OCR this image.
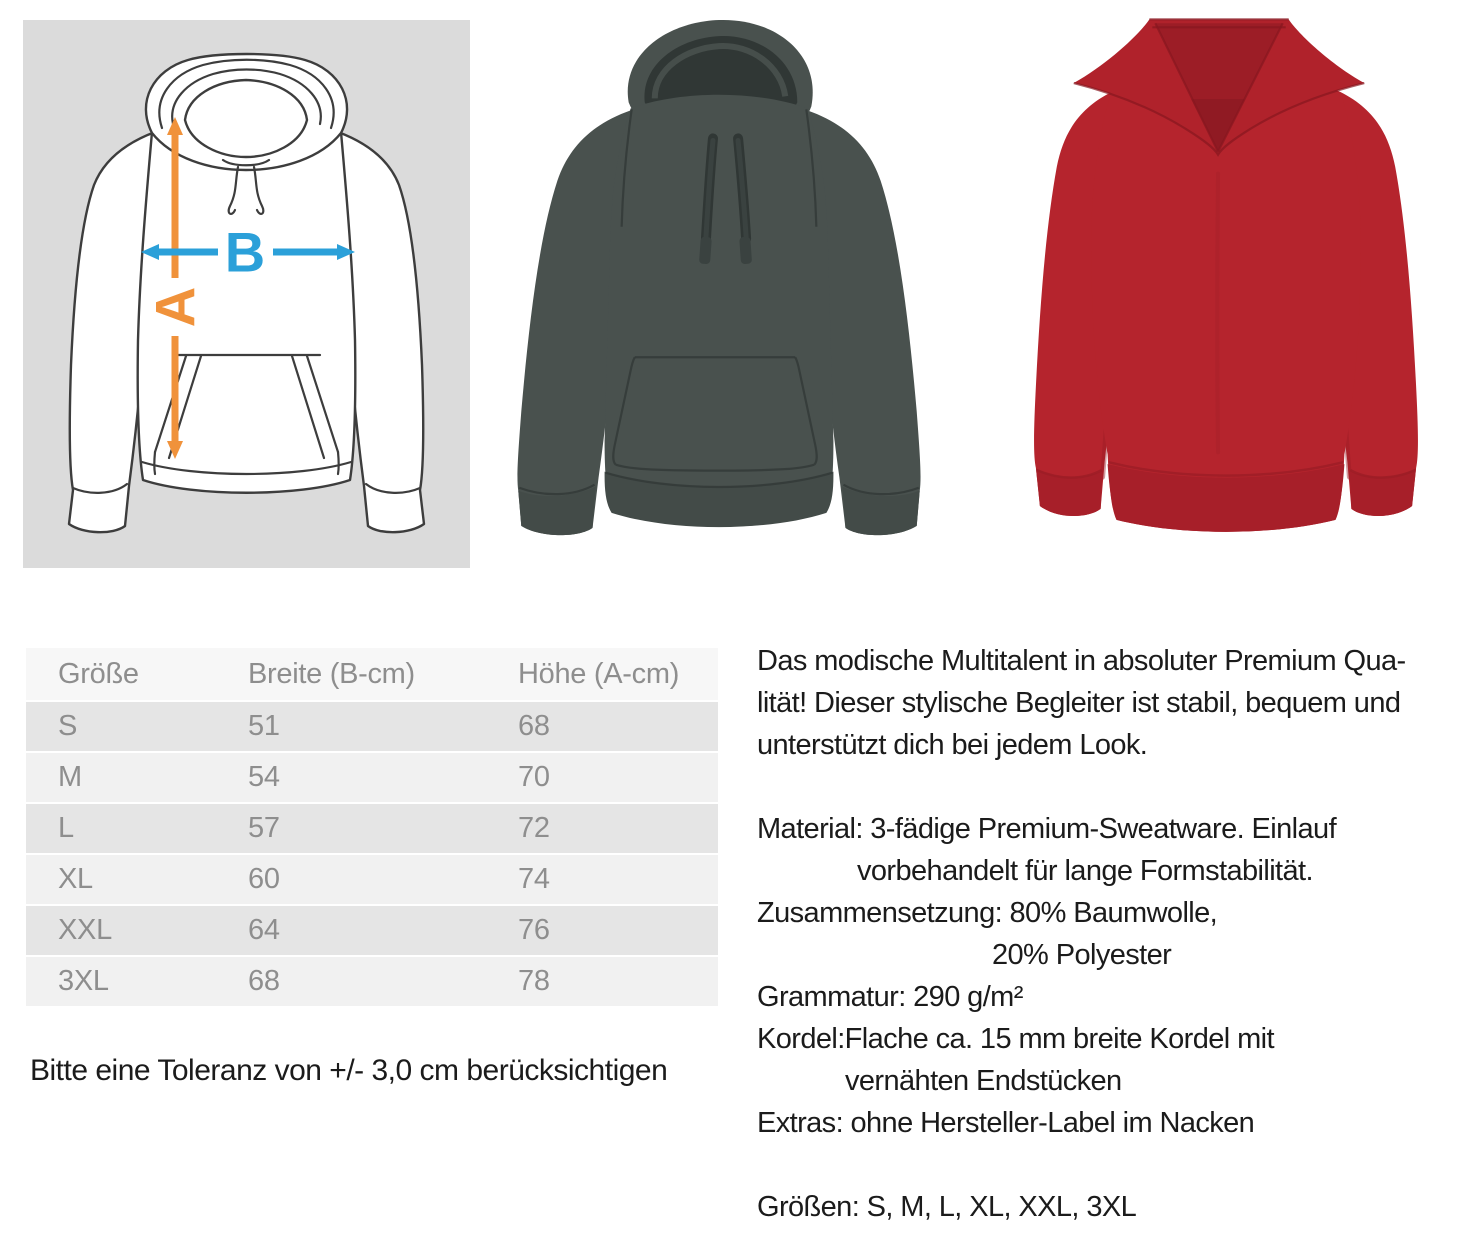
A
B
Größe	Breite (B-cm)	Höhe (A-cm)
S	51	68
M	54	70
L	57	72
XL	60	74
XXL	64	76
3XL	68	78
Bitte eine Toleranz von +/- 3,0 cm berücksichtigen
Das modische Multitalent in absoluter Premium Qua-
lität! Dieser stylische Begleiter ist stabil, bequem und
unterstützt dich bei jedem Look.
Material: 3-fädige Premium-Sweatware. Einlauf
vorbehandelt für lange Formstabilität.
Zusammensetzung: 80% Baumwolle,
20% Polyester
Grammatur: 290 g/m²
Kordel:Flache ca. 15 mm breite Kordel mit
vernähten Endstücken
Extras: ohne Hersteller-Label im Nacken
Größen: S, M, L, XL, XXL, 3XL
